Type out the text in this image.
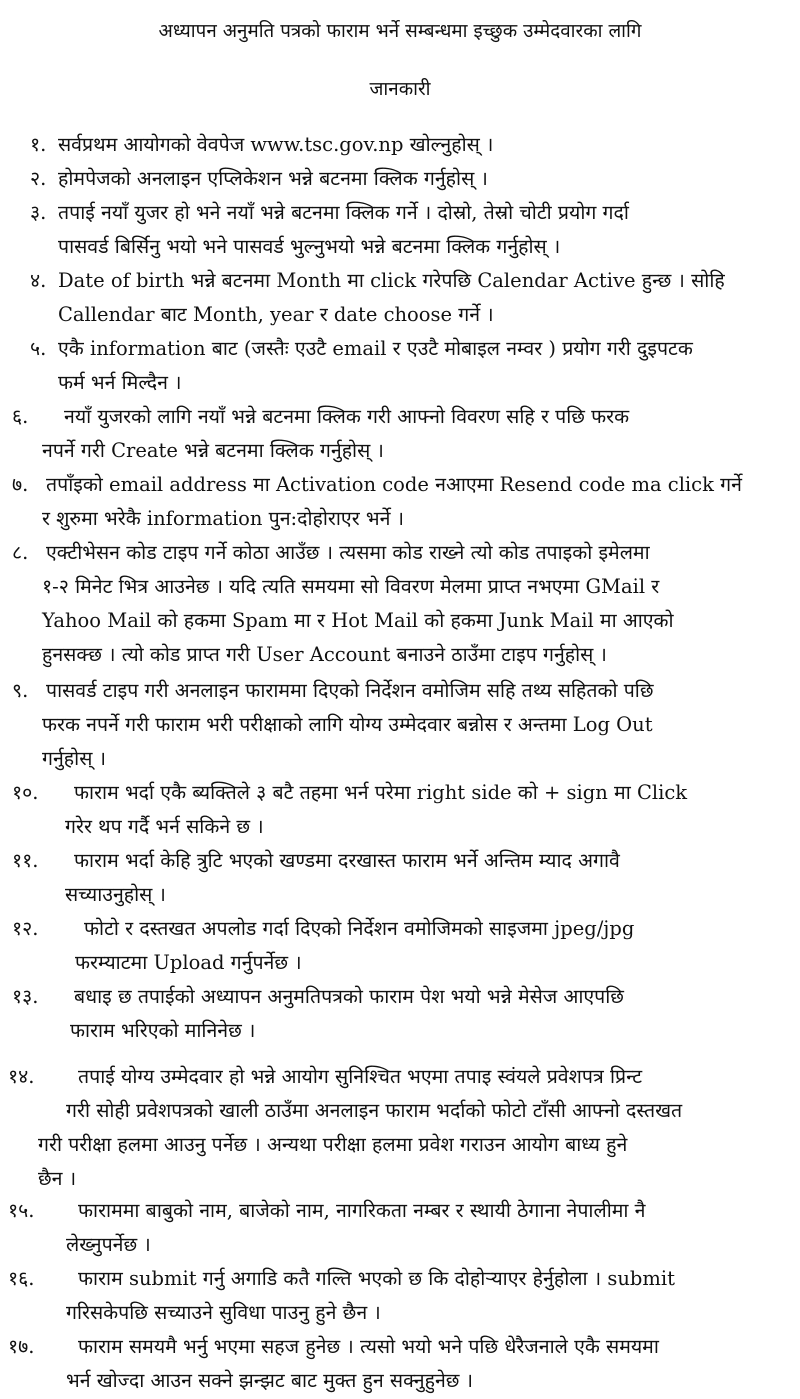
अध्यापन अनुमति पत्रको फाराम भर्ने सम्बन्धमा इच्छुक उम्मेदवारका लागि
जानकारी
१. सर्वप्रथम आयोगको वेवपेज www.tsc.gov.np खोल्नुहोस् ।
२. होमपेजको अनलाइन एप्लिकेशन भन्ने बटनमा क्लिक गर्नुहोस् ।
३. तपाई नयाँ युजर हो भने नयाँ भन्ने बटनमा क्लिक गर्ने । दोस्रो, तेस्रो चोटी प्रयोग गर्दा
पासवर्ड बिर्सिनु भयो भने पासवर्ड भुल्नुभयो भन्ने बटनमा क्लिक गर्नुहोस् ।
४. Date of birth भन्ने बटनमा Month मा click गरेपछि Calendar Active हुन्छ । सोहि
Callendar बाट Month, year र date choose गर्ने ।
५. एकै information बाट (जस्तैः एउटै email र एउटै मोबाइल नम्वर ) प्रयोग गरी दुइपटक
फर्म भर्न मिल्दैन ।
६. नयाँ युजरको लागि नयाँ भन्ने बटनमा क्लिक गरी आफ्नो विवरण सहि र पछि फरक
नपर्ने गरी Create भन्ने बटनमा क्लिक गर्नुहोस् ।
७. तपाँइको email address मा Activation code नआएमा Resend code ma click गर्ने
र शुरुमा भरेकै information पुन:दोहोराएर भर्ने ।
८. एक्टीभेसन कोड टाइप गर्ने कोठा आउँछ । त्यसमा कोड राख्ने त्यो कोड तपाइको इमेलमा
१-२ मिनेट भित्र आउनेछ । यदि त्यति समयमा सो विवरण मेलमा प्राप्त नभएमा GMail र
Yahoo Mail को हकमा Spam मा र Hot Mail को हकमा Junk Mail मा आएको
हुनसक्छ । त्यो कोड प्राप्त गरी User Account बनाउने ठाउँमा टाइप गर्नुहोस् ।
९. पासवर्ड टाइप गरी अनलाइन फाराममा दिएको निर्देशन वमोजिम सहि तथ्य सहितको पछि
फरक नपर्ने गरी फाराम भरी परीक्षाको लागि योग्य उम्मेदवार बन्नोस र अन्तमा Log Out
गर्नुहोस् ।
१०. फाराम भर्दा एकै ब्यक्तिले ३ बटै तहमा भर्न परेमा right side को + sign मा Click
गरेर थप गर्दै भर्न सकिने छ ।
११. फाराम भर्दा केहि त्रुटि भएको खण्डमा दरखास्त फाराम भर्ने अन्तिम म्याद अगावै
सच्याउनुहोस् ।
१२. फोटो र दस्तखत अपलोड गर्दा दिएको निर्देशन वमोजिमको साइजमा jpeg/jpg
फरम्याटमा Upload गर्नुपर्नेछ ।
१३. बधाइ छ तपाईको अध्यापन अनुमतिपत्रको फाराम पेश भयो भन्ने मेसेज आएपछि
फाराम भरिएको मानिनेछ ।
१४. तपाई योग्य उम्मेदवार हो भन्ने आयोग सुनिश्चित भएमा तपाइ स्वंयले प्रवेशपत्र प्रिन्ट
गरी सोही प्रवेशपत्रको खाली ठाउँमा अनलाइन फाराम भर्दाको फोटो टाँसी आफ्नो दस्तखत
गरी परीक्षा हलमा आउनु पर्नेछ । अन्यथा परीक्षा हलमा प्रवेश गराउन आयोग बाध्य हुने
छैन ।
१५. फाराममा बाबुको नाम, बाजेको नाम, नागरिकता नम्बर र स्थायी ठेगाना नेपालीमा नै
लेख्नुपर्नेछ ।
१६. फाराम submit गर्नु अगाडि कतै गल्ति भएको छ कि दोहोर्‍याएर हेर्नुहोला । submit
गरिसकेपछि सच्याउने सुविधा पाउनु हुने छैन ।
१७. फाराम समयमै भर्नु भएमा सहज हुनेछ । त्यसो भयो भने पछि धेरैजनाले एकै समयमा
भर्न खोज्दा आउन सक्ने झन्झट बाट मुक्त हुन सक्नुहुनेछ ।
